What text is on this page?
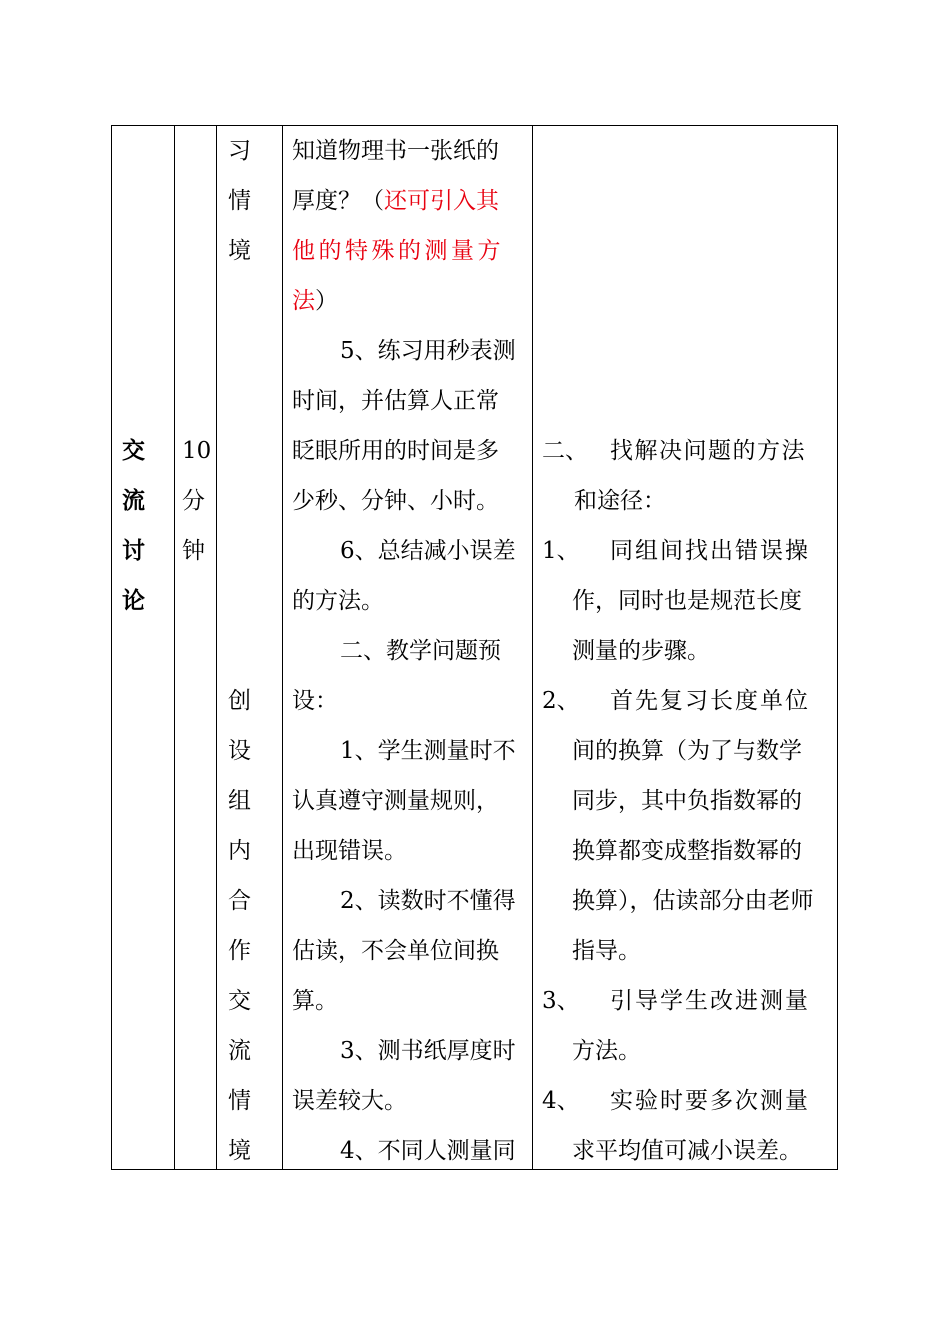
交
流
讨
论
10
分
钟
习
情
境
创
设
组
内
合
作
交
流
情
境
知道物理书一张纸的
厚度？（还可引入其
他的特殊的测量方
法）
5、练习用秒表测
时间，并估算人正常
眨眼所用的时间是多
少秒、分钟、小时。
6、总结减小误差
的方法。
二、教学问题预
设：
1、学生测量时不
认真遵守测量规则，
出现错误。
2、读数时不懂得
估读，不会单位间换
算。
3、测书纸厚度时
误差较大。
4、不同人测量同
二、 找解决问题的方法
和途径：
1、 同组间找出错误操
作，同时也是规范长度
测量的步骤。
2、 首先复习长度单位
间的换算（为了与数学
同步，其中负指数幂的
换算都变成整指数幂的
换算），估读部分由老师
指导。
3、 引导学生改进测量
方法。
4、 实验时要多次测量
求平均值可减小误差。
